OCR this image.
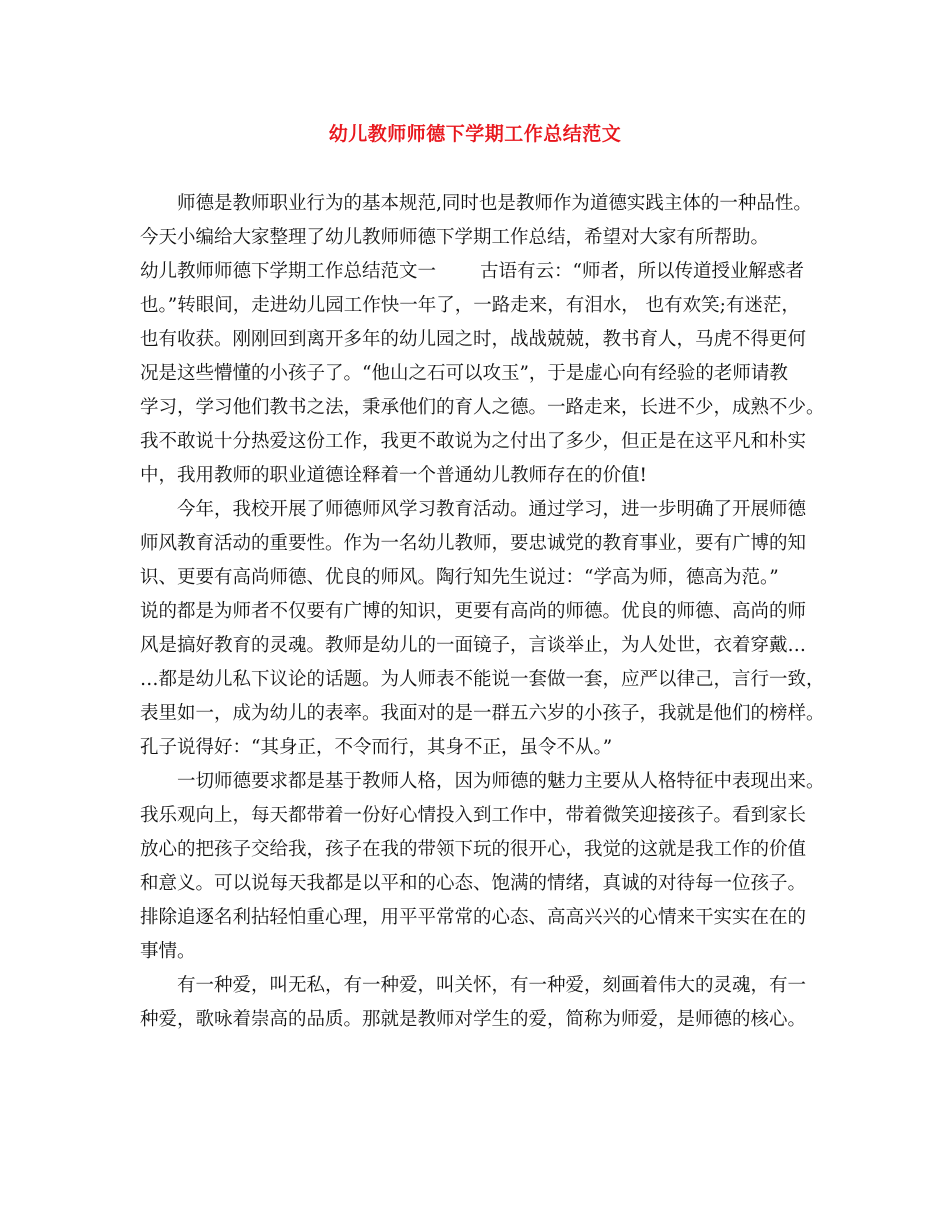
幼儿教师师德下学期工作总结范文
师德是教师职业行为的基本规范,同时也是教师作为道德实践主体的一种品性。
今天小编给大家整理了幼儿教师师德下学期工作总结，希望对大家有所帮助。
幼儿教师师德下学期工作总结范文一 古语有云：“师者，所以传道授业解惑者
也。”转眼间，走进幼儿园工作快一年了，一路走来，有泪水， 也有欢笑;有迷茫，
也有收获。刚刚回到离开多年的幼儿园之时，战战兢兢，教书育人，马虎不得更何
况是这些懵懂的小孩子了。“他山之石可以攻玉”，于是虚心向有经验的老师请教
学习，学习他们教书之法，秉承他们的育人之德。一路走来，长进不少，成熟不少。
我不敢说十分热爱这份工作，我更不敢说为之付出了多少，但正是在这平凡和朴实
中，我用教师的职业道德诠释着一个普通幼儿教师存在的价值!
今年，我校开展了师德师风学习教育活动。通过学习，进一步明确了开展师德
师风教育活动的重要性。作为一名幼儿教师，要忠诚党的教育事业，要有广博的知
识、更要有高尚师德、优良的师风。陶行知先生说过：“学高为师，德高为范。”
说的都是为师者不仅要有广博的知识，更要有高尚的师德。优良的师德、高尚的师
风是搞好教育的灵魂。教师是幼儿的一面镜子，言谈举止，为人处世，衣着穿戴…
…都是幼儿私下议论的话题。为人师表不能说一套做一套，应严以律己，言行一致，
表里如一，成为幼儿的表率。我面对的是一群五六岁的小孩子，我就是他们的榜样。
孔子说得好：“其身正，不令而行，其身不正，虽令不从。”
一切师德要求都是基于教师人格，因为师德的魅力主要从人格特征中表现出来。
我乐观向上，每天都带着一份好心情投入到工作中，带着微笑迎接孩子。看到家长
放心的把孩子交给我，孩子在我的带领下玩的很开心，我觉的这就是我工作的价值
和意义。可以说每天我都是以平和的心态、饱满的情绪，真诚的对待每一位孩子。
排除追逐名利拈轻怕重心理，用平平常常的心态、高高兴兴的心情来干实实在在的
事情。
有一种爱，叫无私，有一种爱，叫关怀，有一种爱，刻画着伟大的灵魂，有一
种爱，歌咏着崇高的品质。那就是教师对学生的爱，简称为师爱，是师德的核心。
